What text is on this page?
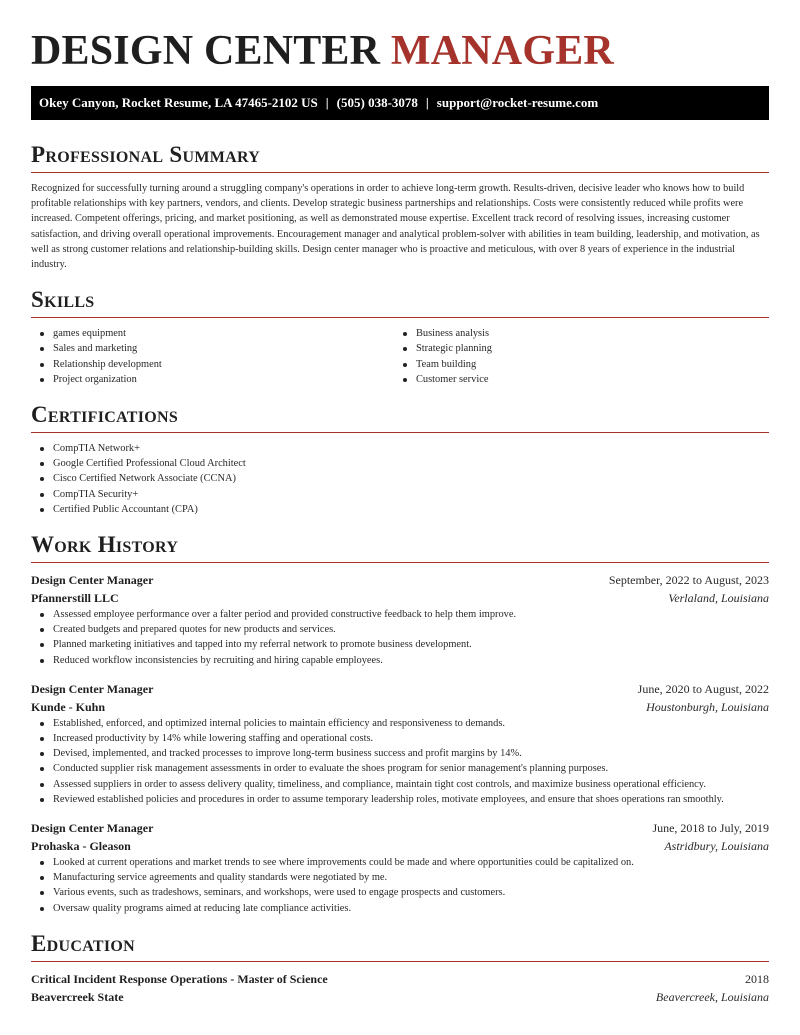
DESIGN CENTER MANAGER
Okey Canyon, Rocket Resume, LA 47465-2102 US | (505) 038-3078 | support@rocket-resume.com
Professional Summary

Recognized for successfully turning around a struggling company's operations in order to achieve long-term growth. Results-driven, decisive leader who knows how to build profitable relationships with key partners, vendors, and clients. Develop strategic business partnerships and relationships. Costs were consistently reduced while profits were increased. Competent offerings, pricing, and market positioning, as well as demonstrated mouse expertise. Excellent track record of resolving issues, increasing customer satisfaction, and driving overall operational improvements. Encouragement manager and analytical problem-solver with abilities in team building, leadership, and motivation, as well as strong customer relations and relationship-building skills. Design center manager who is proactive and meticulous, with over 8 years of experience in the industrial industry.

Skills
games equipment
Sales and marketing
Relationship development
Project organization
Business analysis
Strategic planning
Team building
Customer service
Certifications
CompTIA Network+
Google Certified Professional Cloud Architect
Cisco Certified Network Associate (CCNA)
CompTIA Security+
Certified Public Accountant (CPA)
Work History
Design Center Manager	September, 2022 to August, 2023
Pfannerstill LLC	Verlaland, Louisiana
Assessed employee performance over a falter period and provided constructive feedback to help them improve.
Created budgets and prepared quotes for new products and services.
Planned marketing initiatives and tapped into my referral network to promote business development.
Reduced workflow inconsistencies by recruiting and hiring capable employees.
Design Center Manager	June, 2020 to August, 2022
Kunde - Kuhn	Houstonburgh, Louisiana
Established, enforced, and optimized internal policies to maintain efficiency and responsiveness to demands.
Increased productivity by 14% while lowering staffing and operational costs.
Devised, implemented, and tracked processes to improve long-term business success and profit margins by 14%.
Conducted supplier risk management assessments in order to evaluate the shoes program for senior management's planning purposes.
Assessed suppliers in order to assess delivery quality, timeliness, and compliance, maintain tight cost controls, and maximize business operational efficiency.
Reviewed established policies and procedures in order to assume temporary leadership roles, motivate employees, and ensure that shoes operations ran smoothly.
Design Center Manager	June, 2018 to July, 2019
Prohaska - Gleason	Astridbury, Louisiana
Looked at current operations and market trends to see where improvements could be made and where opportunities could be capitalized on.
Manufacturing service agreements and quality standards were negotiated by me.
Various events, such as tradeshows, seminars, and workshops, were used to engage prospects and customers.
Oversaw quality programs aimed at reducing late compliance activities.
Education
Critical Incident Response Operations - Master of Science	2018
Beavercreek State	Beavercreek, Louisiana
